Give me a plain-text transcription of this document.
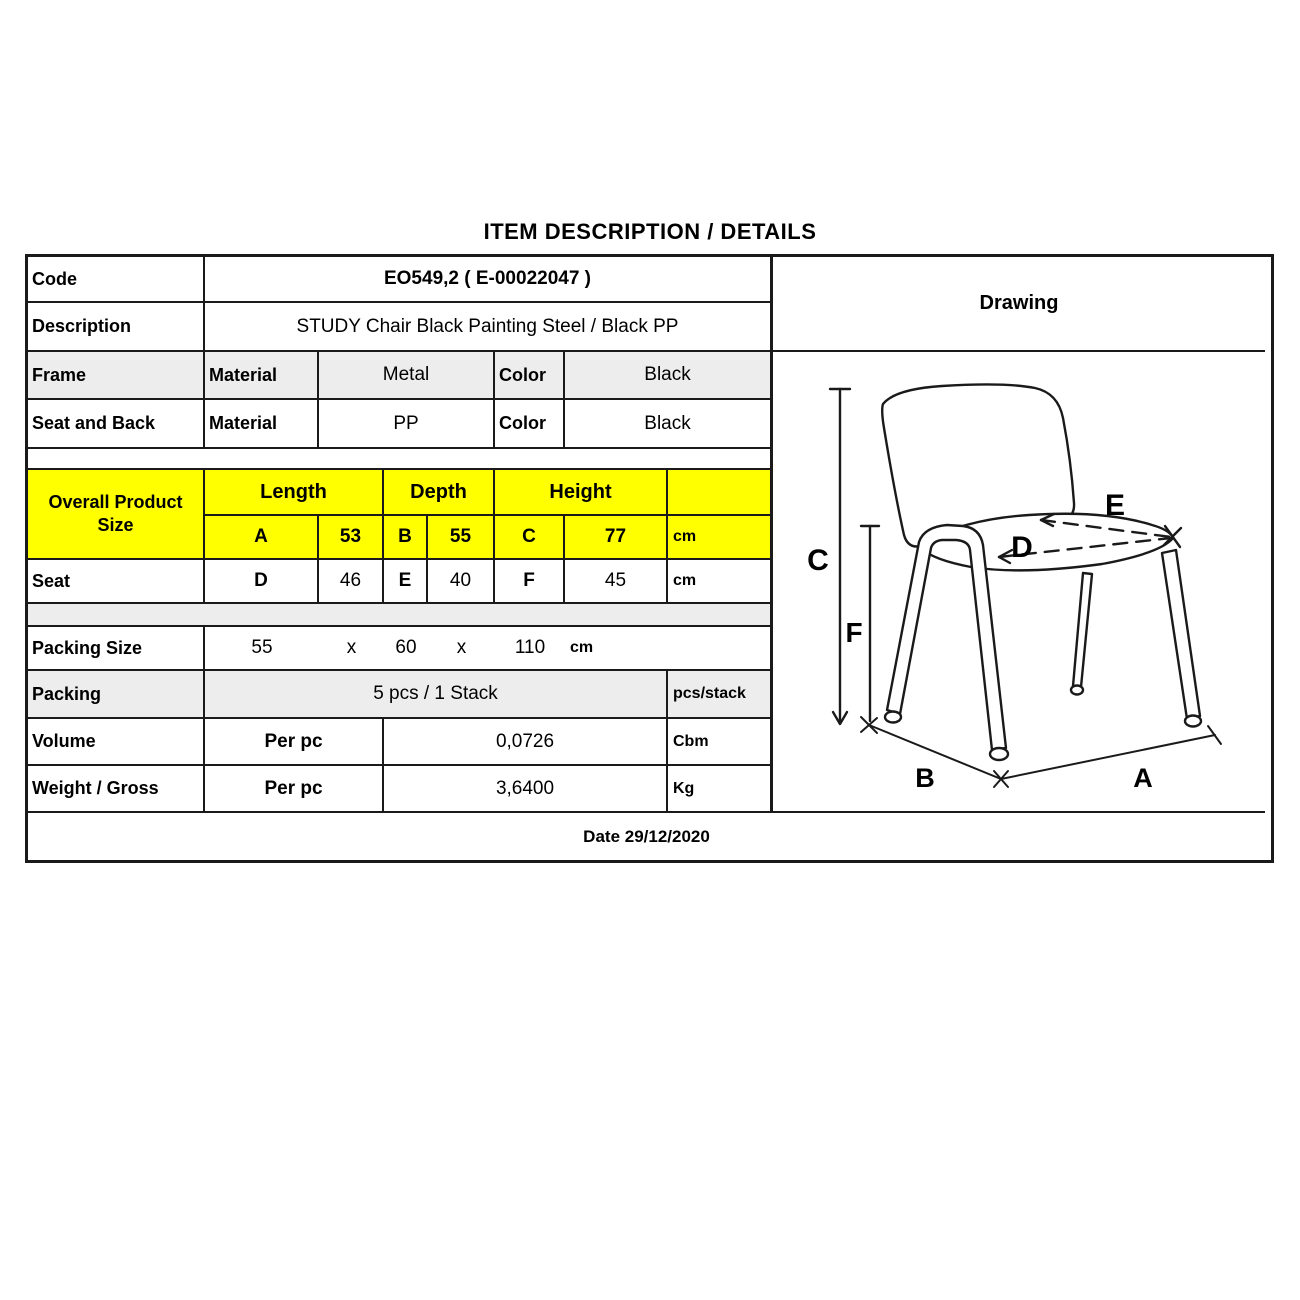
ITEM DESCRIPTION / DETAILS
Code	EO549,2 ( E-00022047 )
Description	STUDY Chair Black Painting Steel / Black PP
Frame	Material	Metal	Color	Black
Seat and Back	Material	PP	Color	Black
Overall Product
Size
Length	Depth	Height
A	53	B	55	C	77	cm
Seat	D	46	E	40	F	45	cm
Packing Size	55	x	60	x	110	cm
Packing	5 pcs / 1 Stack	pcs/stack
Volume	Per pc	0,0726	Cbm
Weight / Gross	Per pc	3,6400	Kg
Date 29/12/2020
Drawing
C
F
B	A
D
E
